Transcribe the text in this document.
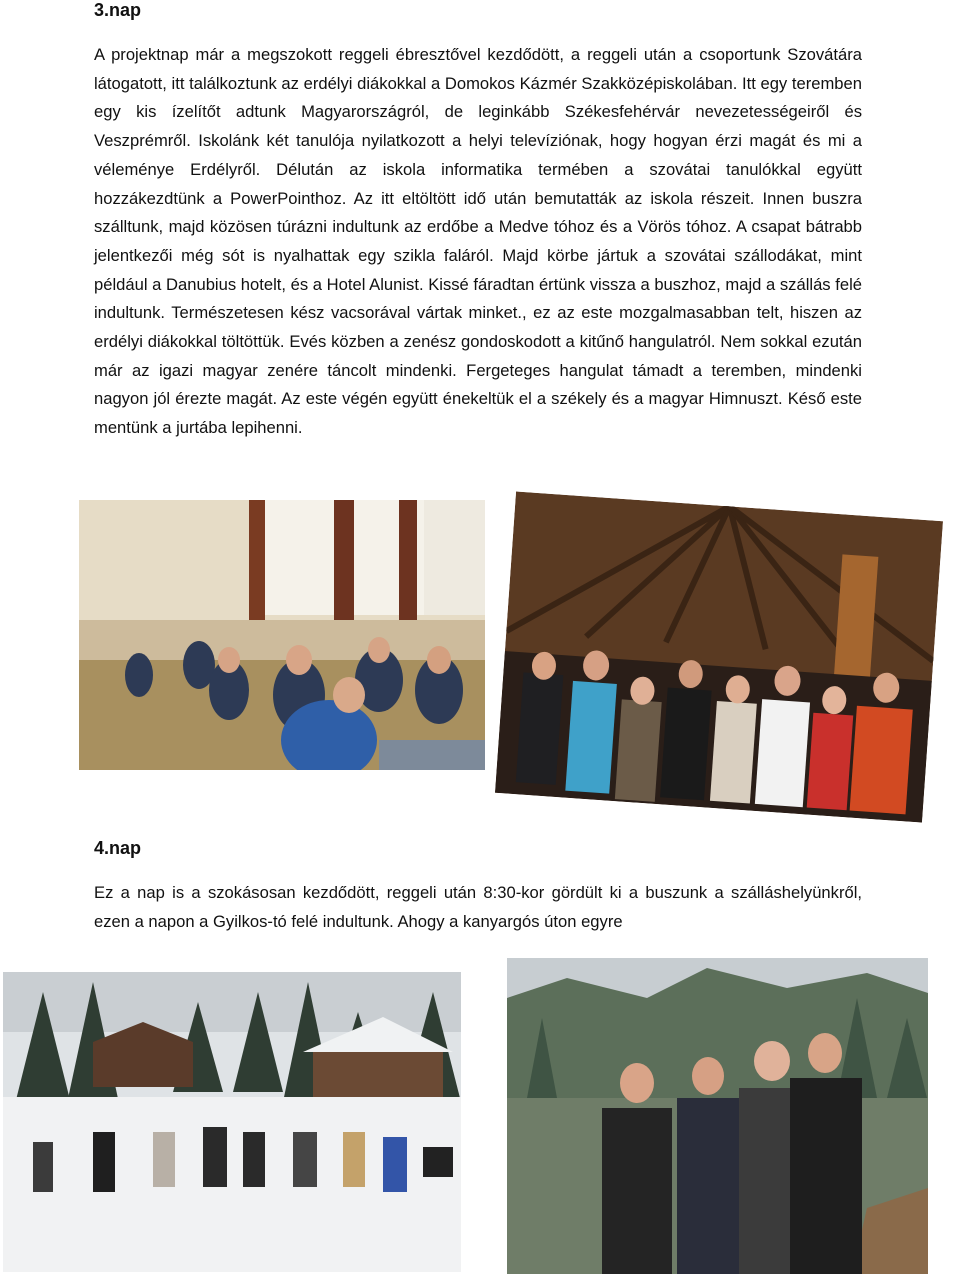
3.nap
A projektnap már a megszokott reggeli ébresztővel kezdődött, a reggeli után a csoportunk Szovátára látogatott, itt találkoztunk az erdélyi diákokkal a Domokos Kázmér Szakközépiskolában. Itt egy teremben egy kis ízelítőt adtunk Magyarországról, de leginkább Székesfehérvár nevezetességeiről és Veszprémről. Iskolánk két tanulója nyilatkozott a helyi televíziónak, hogy hogyan érzi magát és mi a véleménye Erdélyről. Délután az iskola informatika termében a szovátai tanulókkal együtt hozzákezdtünk a PowerPointhoz. Az itt eltöltött idő után bemutatták az iskola részeit. Innen buszra szálltunk, majd közösen túrázni indultunk az erdőbe a Medve tóhoz és a Vörös tóhoz. A csapat bátrabb jelentkezői még sót is nyalhattak egy szikla faláról. Majd körbe jártuk a szovátai szállodákat, mint például a Danubius hotelt, és a Hotel Alunist. Kissé fáradtan értünk vissza a buszhoz, majd a szállás felé indultunk. Természetesen kész vacsorával vártak minket., ez az este mozgalmasabban telt, hiszen az erdélyi diákokkal töltöttük. Evés közben a zenész gondoskodott a kitűnő hangulatról. Nem sokkal ezután már az igazi magyar zenére táncolt mindenki. Fergeteges hangulat támadt a teremben, mindenki nagyon jól érezte magát. Az este végén együtt énekeltük el a székely és a magyar Himnuszt. Késő este mentünk a jurtába lepihenni.
4.nap
Ez a nap is a szokásosan kezdődött, reggeli után 8:30-kor gördült ki a buszunk a szálláshelyünkről, ezen a napon a Gyilkos-tó felé indultunk. Ahogy a kanyargós úton egyre
